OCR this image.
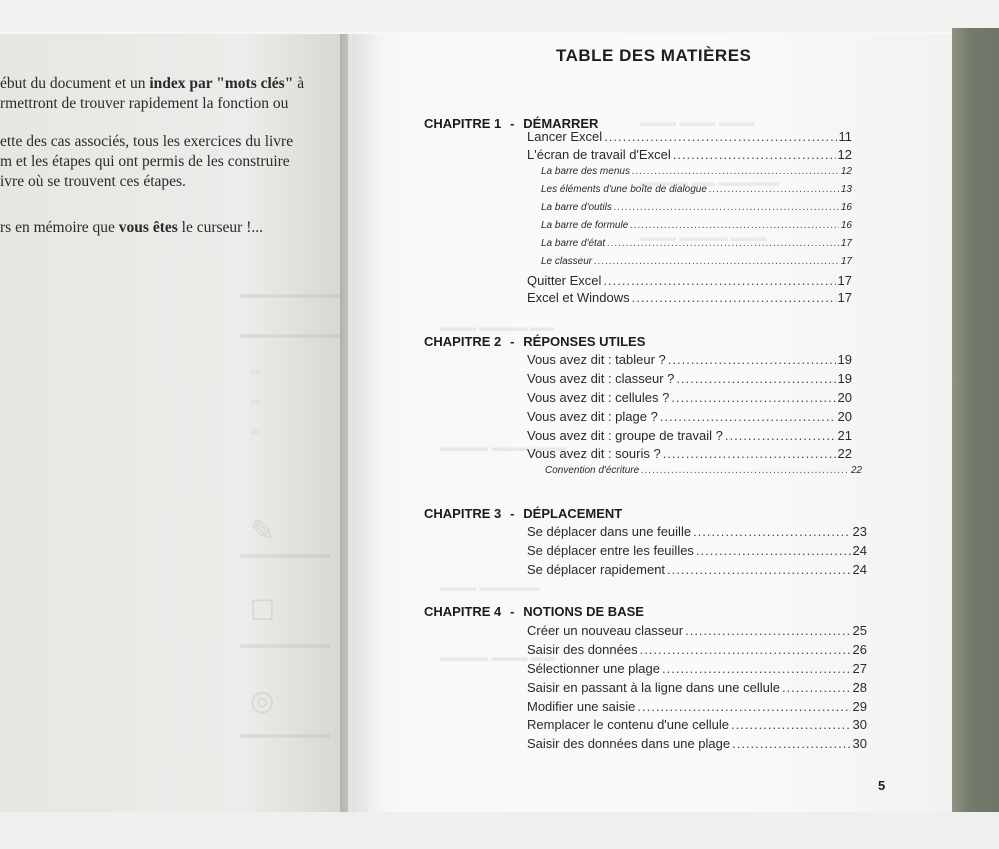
⇦
⇦
⇦
✎
☐
◎

ébut du document et un index par "mots clés" à

rmettront de trouver rapidement la fonction ou

ette des cas associés, tous les exercices du livre

m et les étapes qui ont permis de les construire

ivre où se trouvent ces étapes.

rs en mémoire que vous êtes le curseur !...

▬▬▬ ▬▬▬ ▬▬▬
▬▬▬▬ ▬▬ ▬▬▬▬▬
▬▬▬ ▬▬▬▬ ▬▬▬
▬▬▬ ▬▬▬▬ ▬▬
▬▬▬▬ ▬▬▬ ▬▬▬
▬▬▬ ▬▬▬▬▬
▬▬▬▬ ▬▬▬ ▬▬
TABLE DES MATIÈRES
CHAPITRE 1 - DÉMARRER
Lancer Excel .....	11
L'écran de travail d'Excel .....	12
La barre des menus .....	12
Les éléments d'une boîte de dialogue .....	13
La barre d'outils .....	16
La barre de formule .....	16
La barre d'état .....	17
Le classeur .....	17
Quitter Excel .....	17
Excel et Windows .....	17
CHAPITRE 2 - RÉPONSES UTILES
Vous avez dit : tableur ? .....	19
Vous avez dit : classeur ? .....	19
Vous avez dit : cellules ? .....	20
Vous avez dit : plage ? .....	20
Vous avez dit : groupe de travail ? .....	21
Vous avez dit : souris ? .....	22
Convention d'écriture .....	22
CHAPITRE 3 - DÉPLACEMENT
Se déplacer dans une feuille .....	23
Se déplacer entre les feuilles .....	24
Se déplacer rapidement .....	24
CHAPITRE 4 - NOTIONS DE BASE
Créer un nouveau classeur .....	25
Saisir des données .....	26
Sélectionner une plage .....	27
Saisir en passant à la ligne dans une cellule .....	28
Modifier une saisie .....	29
Remplacer le contenu d'une cellule .....	30
Saisir des données dans une plage .....	30
5
